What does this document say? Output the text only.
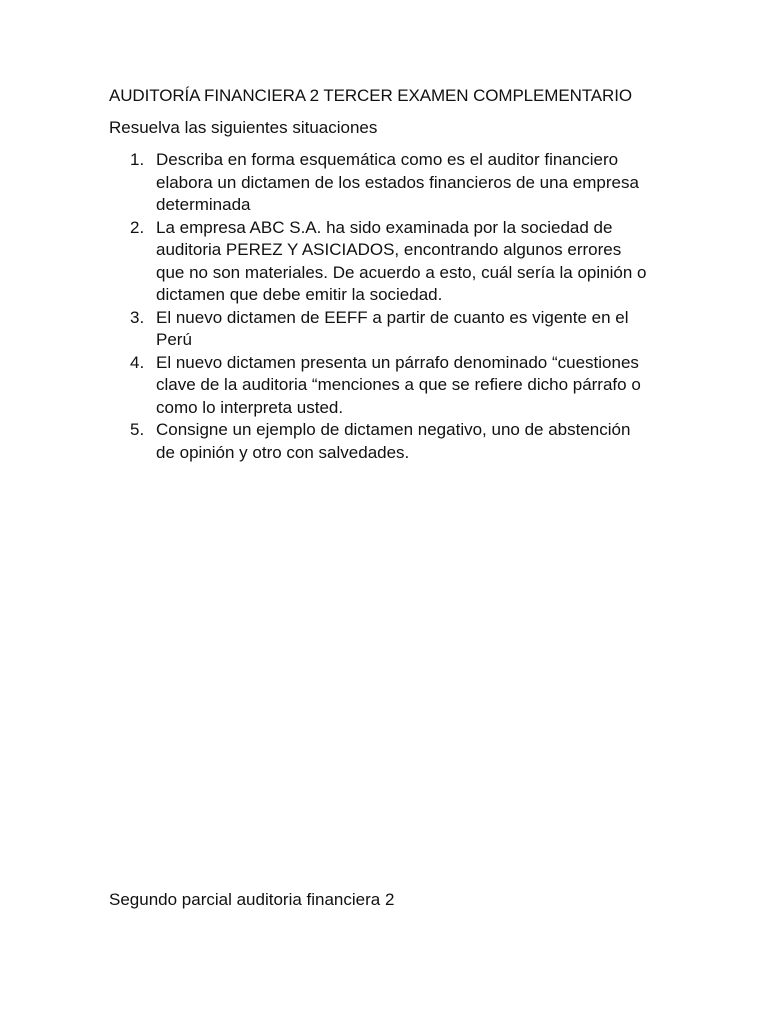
AUDITORÍA FINANCIERA 2 TERCER EXAMEN COMPLEMENTARIO
Resuelva las siguientes situaciones
1. Describa en forma esquemática como es el auditor financiero elabora un dictamen de los estados financieros de una empresa determinada
2. La empresa ABC S.A. ha sido examinada por la sociedad de auditoria PEREZ Y ASICIADOS, encontrando algunos errores que no son materiales. De acuerdo a esto, cuál sería la opinión o dictamen que debe emitir la sociedad.
3. El nuevo dictamen de EEFF a partir de cuanto es vigente en el Perú
4. El nuevo dictamen presenta un párrafo denominado “cuestiones clave de la auditoria “menciones a que se refiere dicho párrafo o como lo interpreta usted.
5. Consigne un ejemplo de dictamen negativo, uno de abstención de opinión y otro con salvedades.
Segundo parcial auditoria financiera 2
